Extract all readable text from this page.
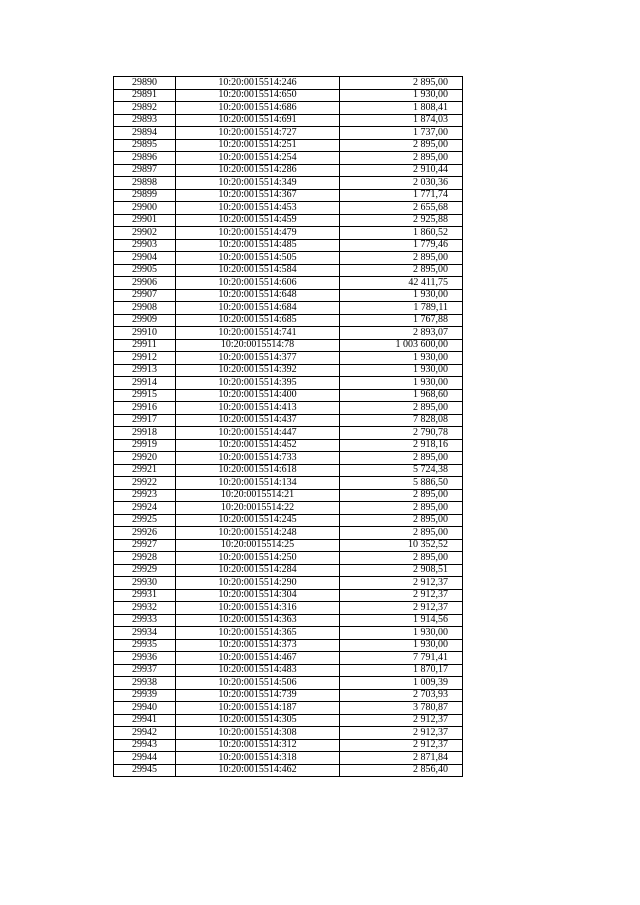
29890	10:20:0015514:246	2 895,00
29891	10:20:0015514:650	1 930,00
29892	10:20:0015514:686	1 808,41
29893	10:20:0015514:691	1 874,03
29894	10:20:0015514:727	1 737,00
29895	10:20:0015514:251	2 895,00
29896	10:20:0015514:254	2 895,00
29897	10:20:0015514:286	2 910,44
29898	10:20:0015514:349	2 030,36
29899	10:20:0015514:367	1 771,74
29900	10:20:0015514:453	2 655,68
29901	10:20:0015514:459	2 925,88
29902	10:20:0015514:479	1 860,52
29903	10:20:0015514:485	1 779,46
29904	10:20:0015514:505	2 895,00
29905	10:20:0015514:584	2 895,00
29906	10:20:0015514:606	42 411,75
29907	10:20:0015514:648	1 930,00
29908	10:20:0015514:684	1 789,11
29909	10:20:0015514:685	1 767,88
29910	10:20:0015514:741	2 893,07
29911	10:20:0015514:78	1 003 600,00
29912	10:20:0015514:377	1 930,00
29913	10:20:0015514:392	1 930,00
29914	10:20:0015514:395	1 930,00
29915	10:20:0015514:400	1 968,60
29916	10:20:0015514:413	2 895,00
29917	10:20:0015514:437	7 828,08
29918	10:20:0015514:447	2 790,78
29919	10:20:0015514:452	2 918,16
29920	10:20:0015514:733	2 895,00
29921	10:20:0015514:618	5 724,38
29922	10:20:0015514:134	5 886,50
29923	10:20:0015514:21	2 895,00
29924	10:20:0015514:22	2 895,00
29925	10:20:0015514:245	2 895,00
29926	10:20:0015514:248	2 895,00
29927	10:20:0015514:25	10 352,52
29928	10:20:0015514:250	2 895,00
29929	10:20:0015514:284	2 908,51
29930	10:20:0015514:290	2 912,37
29931	10:20:0015514:304	2 912,37
29932	10:20:0015514:316	2 912,37
29933	10:20:0015514:363	1 914,56
29934	10:20:0015514:365	1 930,00
29935	10:20:0015514:373	1 930,00
29936	10:20:0015514:467	7 791,41
29937	10:20:0015514:483	1 870,17
29938	10:20:0015514:506	1 009,39
29939	10:20:0015514:739	2 703,93
29940	10:20:0015514:187	3 780,87
29941	10:20:0015514:305	2 912,37
29942	10:20:0015514:308	2 912,37
29943	10:20:0015514:312	2 912,37
29944	10:20:0015514:318	2 871,84
29945	10:20:0015514:462	2 856,40
